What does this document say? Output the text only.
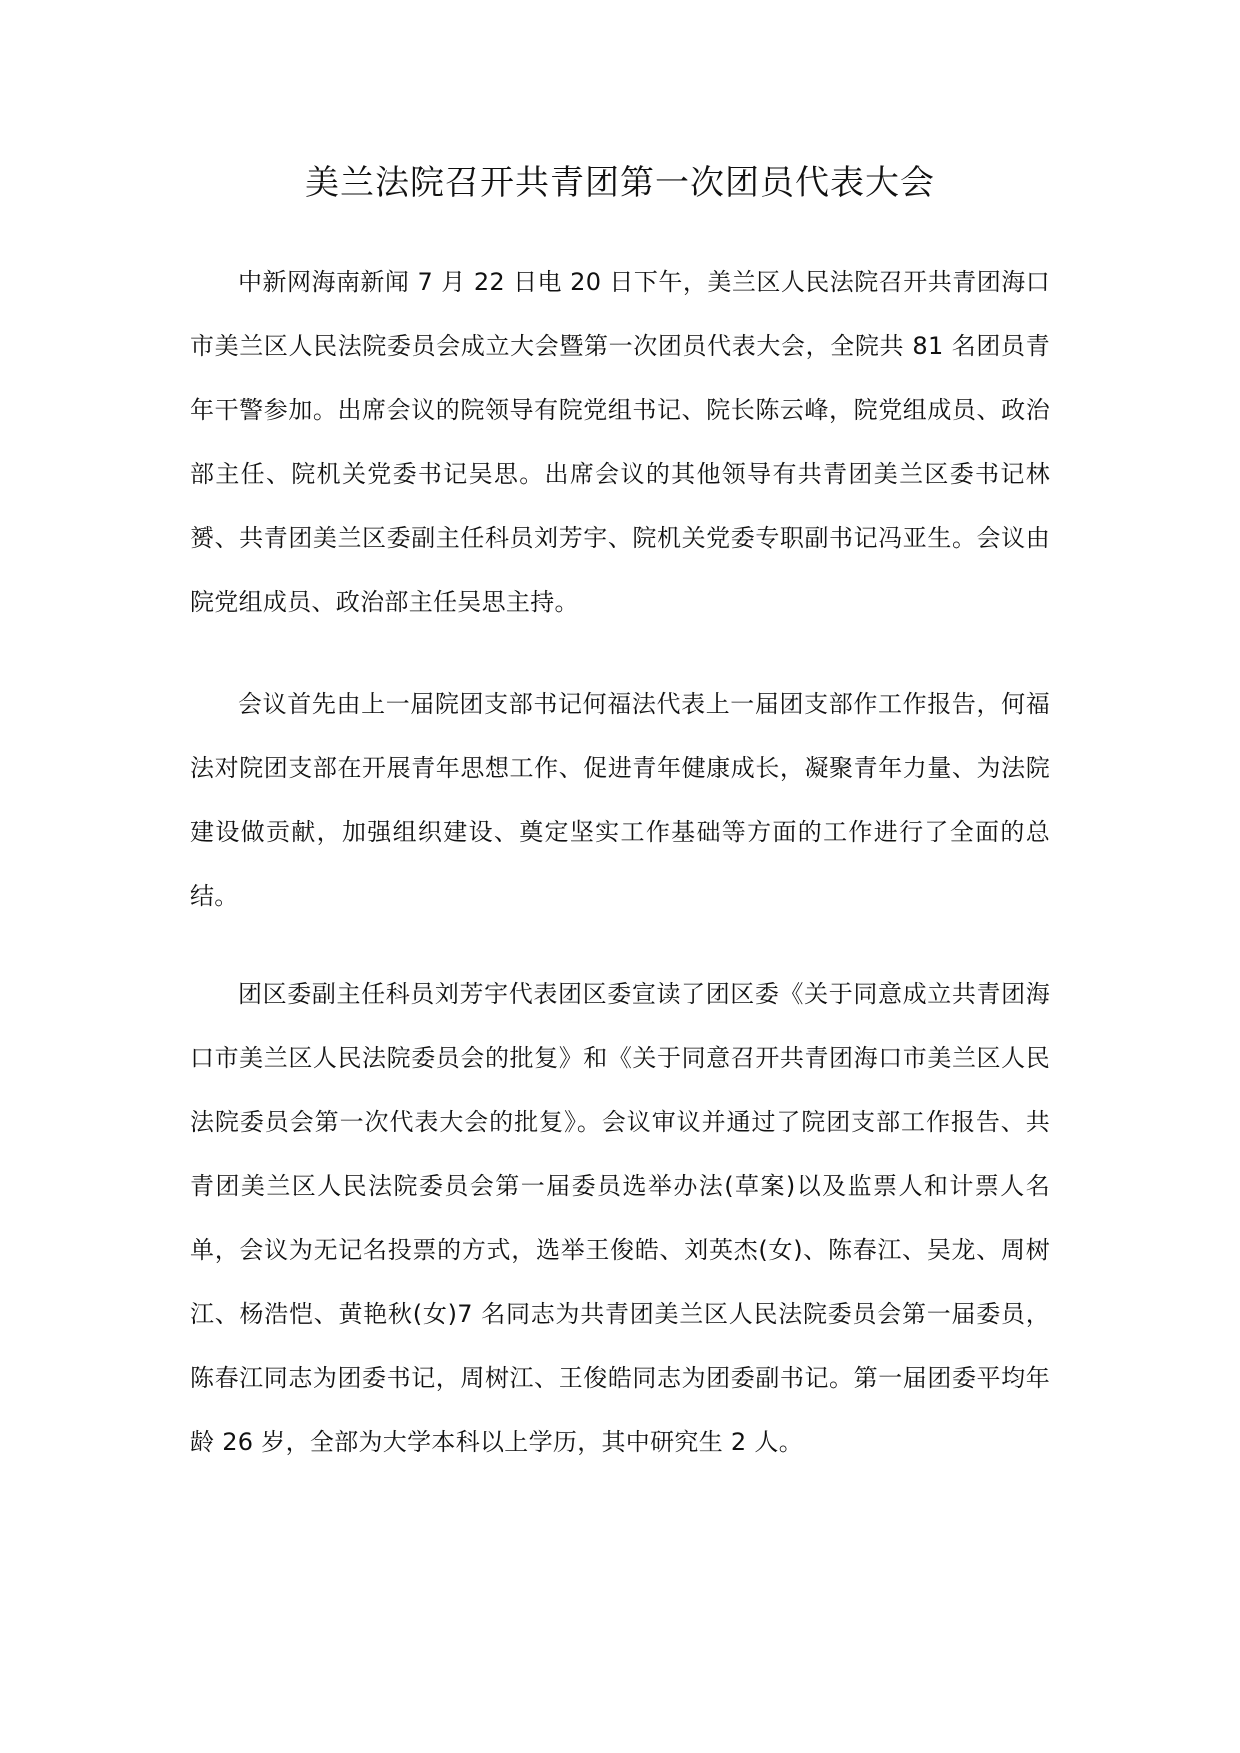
美兰法院召开共青团第一次团员代表大会

中新网海南新闻 7 月 22 日电 20 日下午，美兰区人民法院召开共青团海口市美兰区人民法院委员会成立大会暨第一次团员代表大会，全院共 81 名团员青年干警参加。出席会议的院领导有院党组书记、院长陈云峰，院党组成员、政治部主任、院机关党委书记吴思。出席会议的其他领导有共青团美兰区委书记林赟、共青团美兰区委副主任科员刘芳宇、院机关党委专职副书记冯亚生。会议由院党组成员、政治部主任吴思主持。

会议首先由上一届院团支部书记何福法代表上一届团支部作工作报告，何福法对院团支部在开展青年思想工作、促进青年健康成长，凝聚青年力量、为法院建设做贡献，加强组织建设、奠定坚实工作基础等方面的工作进行了全面的总结。

团区委副主任科员刘芳宇代表团区委宣读了团区委《关于同意成立共青团海口市美兰区人民法院委员会的批复》和《关于同意召开共青团海口市美兰区人民法院委员会第一次代表大会的批复》。会议审议并通过了院团支部工作报告、共青团美兰区人民法院委员会第一届委员选举办法(草案)以及监票人和计票人名单，会议为无记名投票的方式，选举王俊皓、刘英杰(女)、陈春江、吴龙、周树江、杨浩恺、黄艳秋(女)7 名同志为共青团美兰区人民法院委员会第一届委员，陈春江同志为团委书记，周树江、王俊皓同志为团委副书记。第一届团委平均年龄 26 岁，全部为大学本科以上学历，其中研究生 2 人。
